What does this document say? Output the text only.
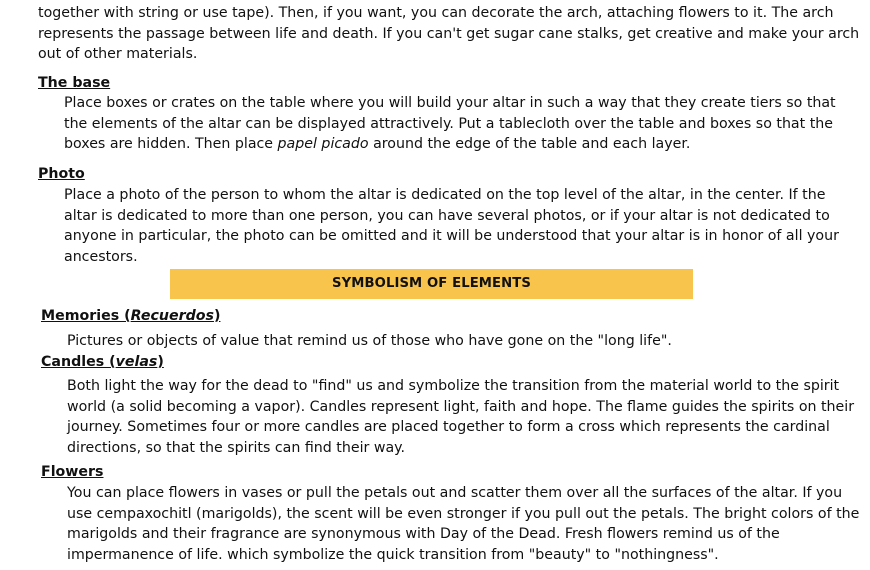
together with string or use tape). Then, if you want, you can decorate the arch, attaching flowers to it. The arch
represents the passage between life and death. If you can't get sugar cane stalks, get creative and make your arch
out of other materials.

The base

Place boxes or crates on the table where you will build your altar in such a way that they create tiers so that
the elements of the altar can be displayed attractively. Put a tablecloth over the table and boxes so that the
boxes are hidden. Then place papel picado around the edge of the table and each layer.

Photo

Place a photo of the person to whom the altar is dedicated on the top level of the altar, in the center. If the
altar is dedicated to more than one person, you can have several photos, or if your altar is not dedicated to
anyone in particular, the photo can be omitted and it will be understood that your altar is in honor of all your
ancestors.

SYMBOLISM OF ELEMENTS
Memories (Recuerdos)

Pictures or objects of value that remind us of those who have gone on the "long life".

Candles (velas)

Both light the way for the dead to "find" us and symbolize the transition from the material world to the spirit
world (a solid becoming a vapor). Candles represent light, faith and hope. The flame guides the spirits on their
journey. Sometimes four or more candles are placed together to form a cross which represents the cardinal
directions, so that the spirits can find their way.

Flowers

You can place flowers in vases or pull the petals out and scatter them over all the surfaces of the altar. If you
use cempaxochitl (marigolds), the scent will be even stronger if you pull out the petals. The bright colors of the
marigolds and their fragrance are synonymous with Day of the Dead. Fresh flowers remind us of the
impermanence of life. which symbolize the quick transition from "beauty" to "nothingness".
